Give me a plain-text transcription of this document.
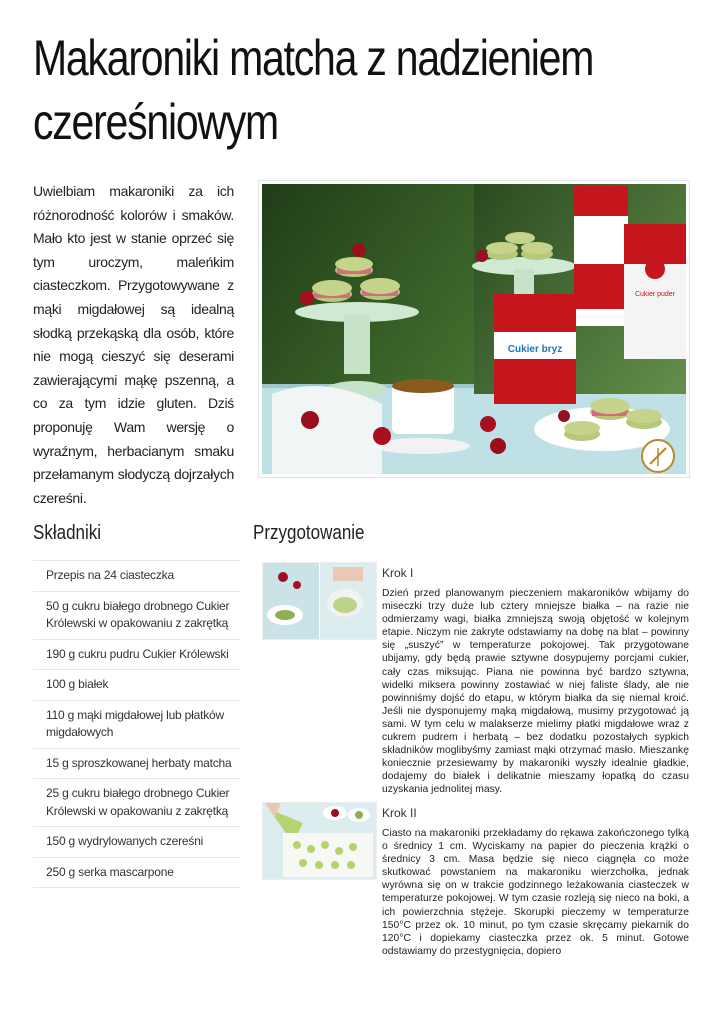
Makaroniki matcha z nadzieniem czereśniowym

Uwielbiam makaroniki za ich różnorodność kolorów i smaków. Mało kto jest w stanie oprzeć się tym uroczym, maleńkim ciasteczkom. Przygotowywane z mąki migdałowej są idealną słodką przekąską dla osób, które nie mogą cieszyć się deserami zawierającymi mąkę pszenną, a co za tym idzie gluten. Dziś proponuję Wam wersję o wyraźnym, herbacianym smaku przełamanym słodyczą dojrzałych czereśni.

Cukier puder
Cukier bryz
Składniki
Przepis na 24 ciasteczka
50 g cukru białego drobnego Cukier Królewski w opakowaniu z zakrętką
190 g cukru pudru Cukier Królewski
100 g białek
110 g mąki migdałowej lub płatków migdałowych
15 g sproszkowanej herbaty matcha
25 g cukru białego drobnego Cukier Królewski w opakowaniu z zakrętką
150 g wydrylowanych czereśni
250 g serka mascarpone
Przygotowanie
Krok I

Dzień przed planowanym pieczeniem makaroników wbijamy do miseczki trzy duże lub cztery mniejsze białka – na razie nie odmierzamy wagi, białka zmniejszą swoją objętość w kolejnym etapie. Niczym nie zakryte odstawiamy na dobę na blat – powinny się „suszyć” w temperaturze pokojowej. Tak przygotowane ubijamy, gdy będą prawie sztywne dosypujemy porcjami cukier, cały czas miksując. Piana nie powinna być bardzo sztywna, widelki miksera powinny zostawiać w niej faliste ślady, ale nie powinniśmy dojść do etapu, w którym białka da się niemal kroić. Jeśli nie dysponujemy mąką migdałową, musimy przygotować ją sami. W tym celu w malakserze mielimy płatki migdałowe wraz z cukrem pudrem i herbatą – bez dodatku pozostałych sypkich składników moglibyśmy zamiast mąki otrzymać masło. Mieszankę koniecznie przesiewamy by makaroniki wyszły idealnie gładkie, dodajemy do białek i delikatnie mieszamy łopatką do czasu uzyskania jednolitej masy.

Krok II

Ciasto na makaroniki przekładamy do rękawa zakończonego tylką o średnicy 1 cm. Wyciskamy na papier do pieczenia krążki o średnicy 3 cm. Masa będzie się nieco ciągnęła co może skutkować powstaniem na makaroniku wierzchołka, jednak wyrówna się on w trakcie godzinnego leżakowania ciasteczek w temperaturze pokojowej. W tym czasie rozleją się nieco na boki, a ich powierzchnia stężeje. Skorupki pieczemy w temperaturze 150°C przez ok. 10 minut, po tym czasie skręcamy piekarnik do 120°C i dopiekamy ciasteczka przez ok. 5 minut. Gotowe odstawiamy do przestygnięcia, dopiero
